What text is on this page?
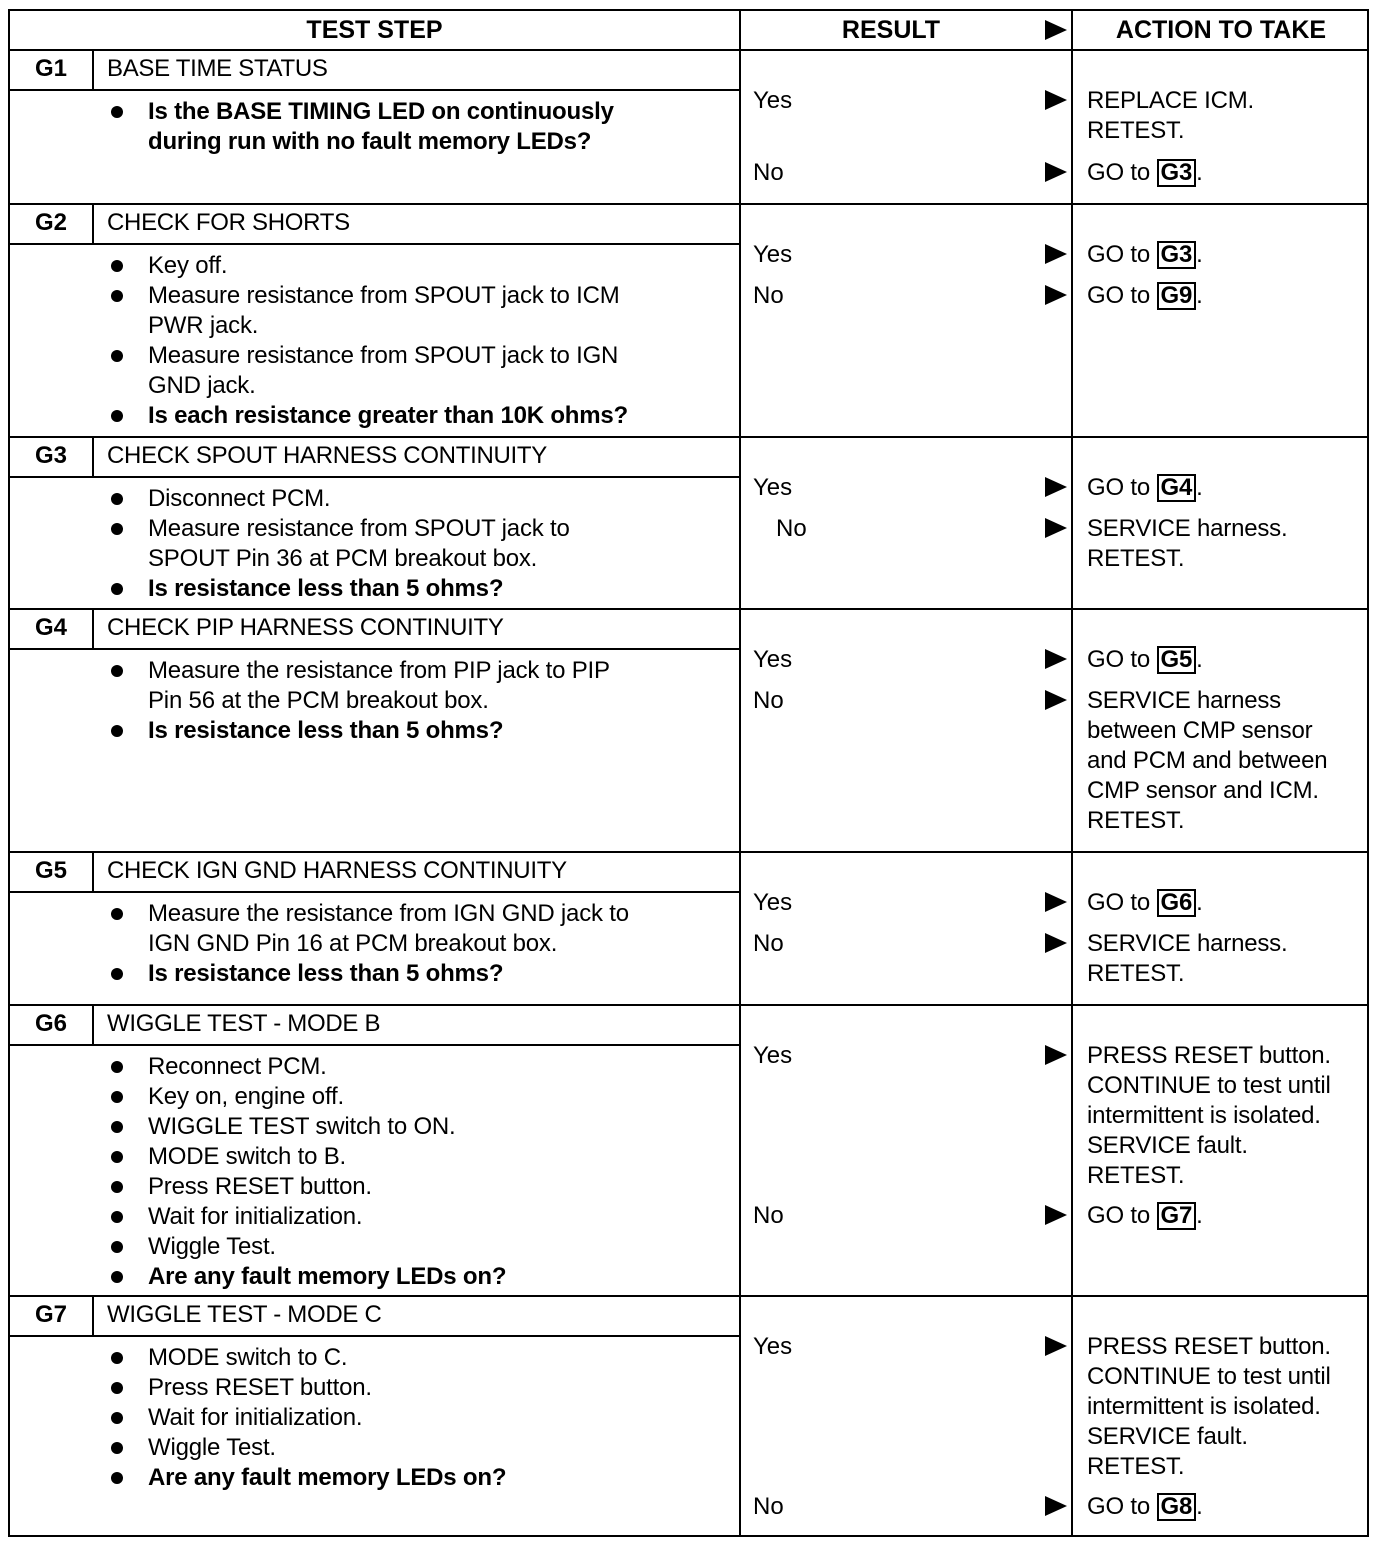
TEST STEP	RESULT	ACTION TO TAKE
G1	BASE TIME STATUS
Is the BASE TIMING LED on continuously
during run with no fault memory LEDs?
Yes	REPLACE ICM.
RETEST.
No	GO to G3 .
G2	CHECK FOR SHORTS
Key off.
Measure resistance from SPOUT jack to ICM
PWR jack.
Measure resistance from SPOUT jack to IGN
GND jack.
Is each resistance greater than 10K ohms?
Yes	GO to G3 .
No	GO to G9 .
G3	CHECK SPOUT HARNESS CONTINUITY
Disconnect PCM.
Measure resistance from SPOUT jack to
SPOUT Pin 36 at PCM breakout box.
Is resistance less than 5 ohms?
Yes	GO to G4 .
No	SERVICE harness.
RETEST.
G4	CHECK PIP HARNESS CONTINUITY
Measure the resistance from PIP jack to PIP
Pin 56 at the PCM breakout box.
Is resistance less than 5 ohms?
Yes	GO to G5 .
No	SERVICE harness
between CMP sensor
and PCM and between
CMP sensor and ICM.
RETEST.
G5	CHECK IGN GND HARNESS CONTINUITY
Measure the resistance from IGN GND jack to
IGN GND Pin 16 at PCM breakout box.
Is resistance less than 5 ohms?
Yes	GO to G6 .
No	SERVICE harness.
RETEST.
G6	WIGGLE TEST - MODE B
Reconnect PCM.
Key on, engine off.
WIGGLE TEST switch to ON.
MODE switch to B.
Press RESET button.
Wait for initialization.
Wiggle Test.
Are any fault memory LEDs on?
Yes	PRESS RESET button.
CONTINUE to test until
intermittent is isolated.
SERVICE fault.
RETEST.
No	GO to G7 .
G7	WIGGLE TEST - MODE C
MODE switch to C.
Press RESET button.
Wait for initialization.
Wiggle Test.
Are any fault memory LEDs on?
Yes	PRESS RESET button.
CONTINUE to test until
intermittent is isolated.
SERVICE fault.
RETEST.
No	GO to G8 .
